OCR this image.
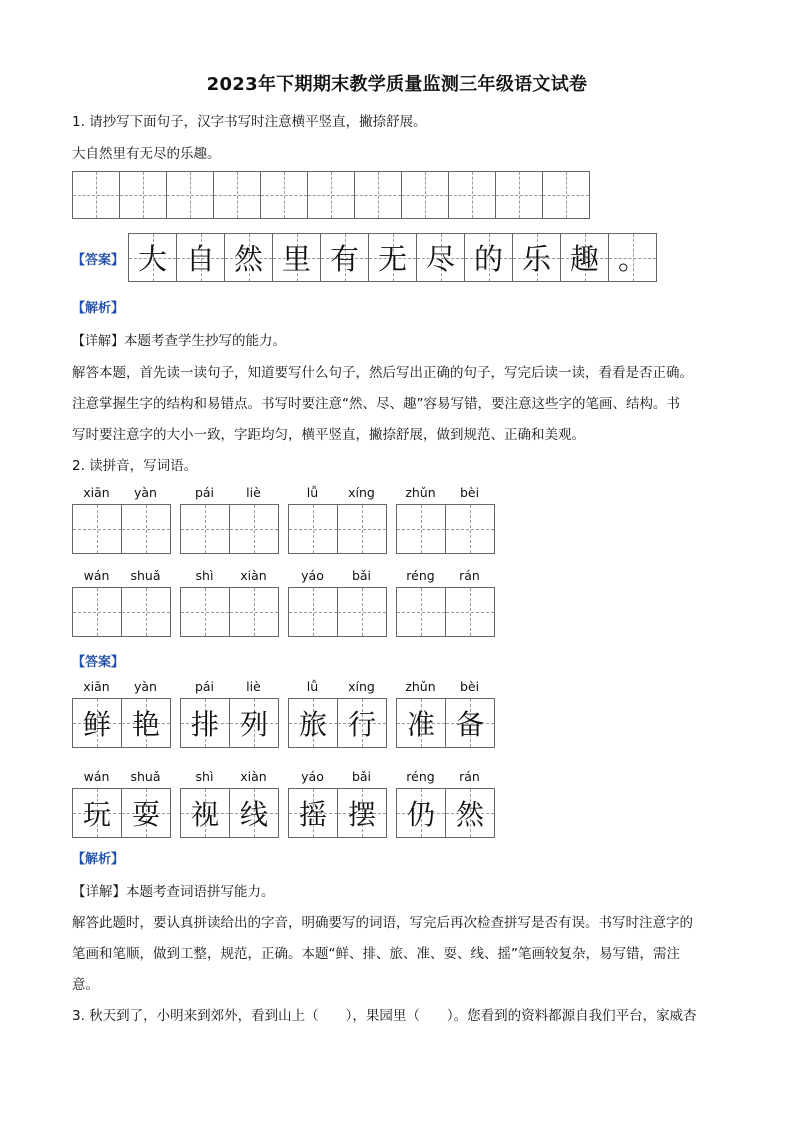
2023年下期期末教学质量监测三年级语文试卷
1. 请抄写下面句子，汉字书写时注意横平竖直，撇捺舒展。
大自然里有无尽的乐趣。
【答案】 大 自 然 里 有 无 尽 的 乐 趣 。
【解析】
【详解】本题考查学生抄写的能力。
解答本题，首先读一读句子，知道要写什么句子，然后写出正确的句子，写完后读一读，看看是否正确。
注意掌握生字的结构和易错点。书写时要注意“然、尽、趣”容易写错，要注意这些字的笔画、结构。书
写时要注意字的大小一致，字距均匀，横平竖直，撇捺舒展，做到规范、正确和美观。
2. 读拼音，写词语。
xiān	yàn	pái	liè	lǚ	xíng	zhǔn	bèi
wán	shuǎ	shì	xiàn	yáo	bǎi	réng	rán
【答案】
xiān	yàn
鲜 艳
pái	liè
排 列
lǚ	xíng
旅 行
zhǔn	bèi
准 备
wán	shuǎ
玩 耍
shì	xiàn
视 线
yáo	bǎi
摇 摆
réng	rán
仍 然
【解析】
【详解】本题考查词语拼写能力。
解答此题时，要认真拼读给出的字音，明确要写的词语，写完后再次检查拼写是否有误。书写时注意字的
笔画和笔顺，做到工整，规范，正确。本题“鲜、排、旅、准、耍、线、摇”笔画较复杂，易写错，需注
意。
3. 秋天到了，小明来到郊外，看到山上（　　），果园里（　　）。您看到的资料都源自我们平台，家威杏
